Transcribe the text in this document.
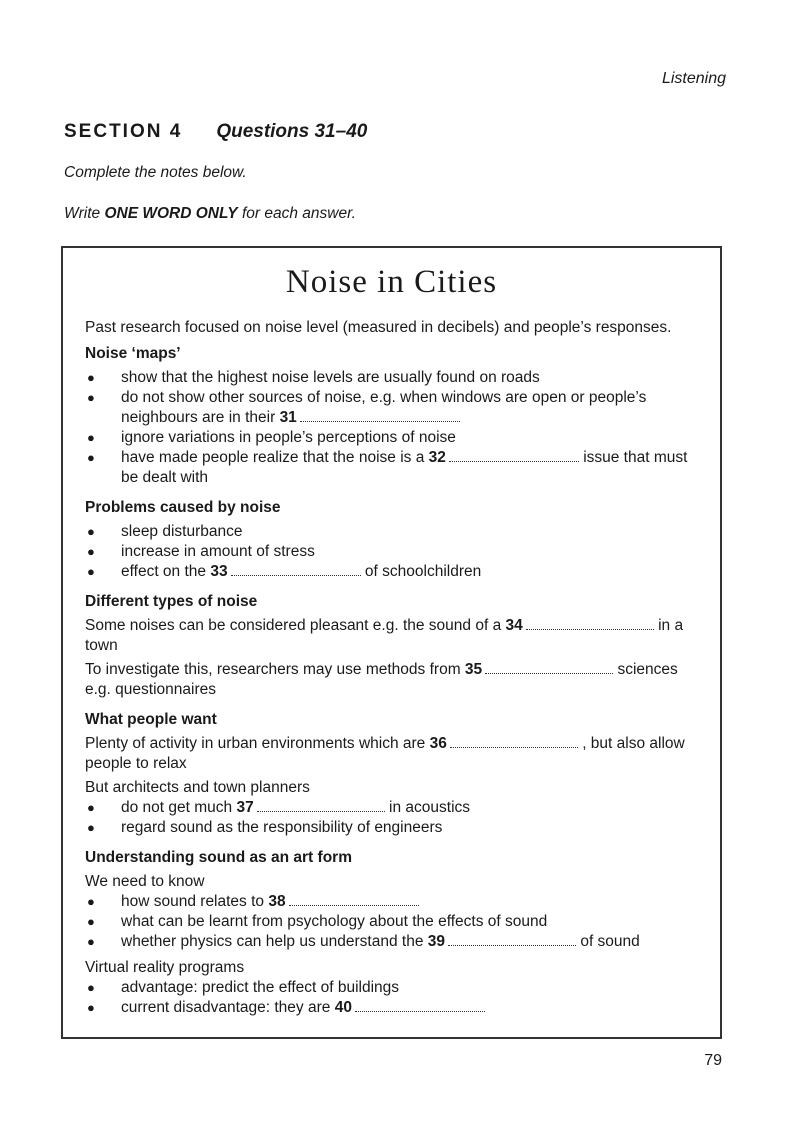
Listening
SECTION 4 Questions 31–40
Complete the notes below.
Write ONE WORD ONLY for each answer.
Noise in Cities

Past research focused on noise level (measured in decibels) and people’s responses.

Noise ‘maps’
● show that the highest noise levels are usually found on roads
● do not show other sources of noise, e.g. when windows are open or people’s neighbours are in their 31
● ignore variations in people’s perceptions of noise
● have made people realize that the noise is a 32	issue that must be dealt with
Problems caused by noise
● sleep disturbance
● increase in amount of stress
● effect on the 33	of schoolchildren
Different types of noise

Some noises can be considered pleasant e.g. the sound of a 34	in a town

To investigate this, researchers may use methods from 35	sciences e.g. questionnaires

What people want

Plenty of activity in urban environments which are 36	, but also allow people to relax

But architects and town planners

● do not get much 37	in acoustics
● regard sound as the responsibility of engineers
Understanding sound as an art form

We need to know

● how sound relates to 38
● what can be learnt from psychology about the effects of sound
● whether physics can help us understand the 39	of sound

Virtual reality programs

● advantage: predict the effect of buildings
● current disadvantage: they are 40
79
